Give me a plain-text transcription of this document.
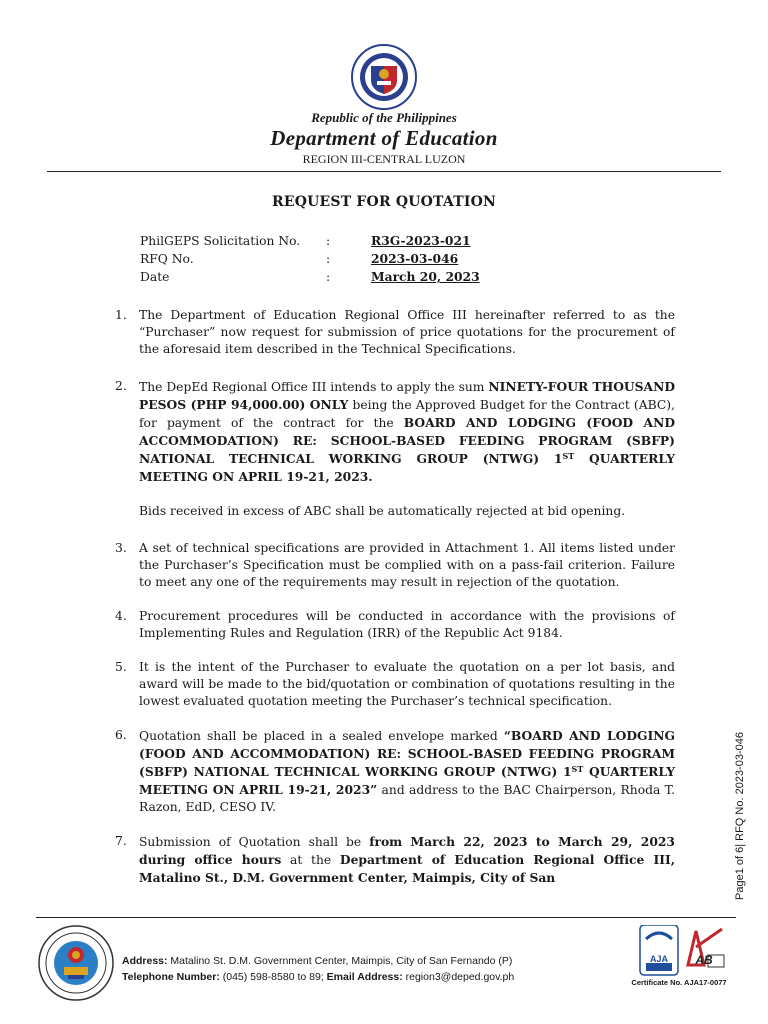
Republic of the Philippines
Department of Education
REGION III-CENTRAL LUZON
REQUEST FOR QUOTATION
PhilGEPS Solicitation No.	:	R3G-2023-021
RFQ No.	:	2023-03-046
Date	:	March 20, 2023
1. The Department of Education Regional Office III hereinafter referred to as the “Purchaser” now request for submission of price quotations for the procurement of the aforesaid item described in the Technical Specifications.
2. The DepEd Regional Office III intends to apply the sum NINETY-FOUR THOUSAND PESOS (PHP 94,000.00) ONLY being the Approved Budget for the Contract (ABC), for payment of the contract for the BOARD AND LODGING (FOOD AND ACCOMMODATION) RE: SCHOOL-BASED FEEDING PROGRAM (SBFP) NATIONAL TECHNICAL WORKING GROUP (NTWG) 1ST QUARTERLY MEETING ON APRIL 19-21, 2023.
Bids received in excess of ABC shall be automatically rejected at bid opening.
3. A set of technical specifications are provided in Attachment 1. All items listed under the Purchaser’s Specification must be complied with on a pass-fail criterion. Failure to meet any one of the requirements may result in rejection of the quotation.
4. Procurement procedures will be conducted in accordance with the provisions of Implementing Rules and Regulation (IRR) of the Republic Act 9184.
5. It is the intent of the Purchaser to evaluate the quotation on a per lot basis, and award will be made to the bid/quotation or combination of quotations resulting in the lowest evaluated quotation meeting the Purchaser’s technical specification.
6. Quotation shall be placed in a sealed envelope marked “BOARD AND LODGING (FOOD AND ACCOMMODATION) RE: SCHOOL-BASED FEEDING PROGRAM (SBFP) NATIONAL TECHNICAL WORKING GROUP (NTWG) 1ST QUARTERLY MEETING ON APRIL 19-21, 2023” and address to the BAC Chairperson, Rhoda T. Razon, EdD, CESO IV.
7. Submission of Quotation shall be from March 22, 2023 to March 29, 2023 during office hours at the Department of Education Regional Office III, Matalino St., D.M. Government Center, Maimpis, City of San	Page1 of 6| RFQ No. 2023-03-046
Address: Matalino St. D.M. Government Center, Maimpis, City of San Fernando (P)
Telephone Number: (045) 598-8580 to 89; Email Address: region3@deped.gov.ph
AJA AB
Certificate No. AJA17-0077
